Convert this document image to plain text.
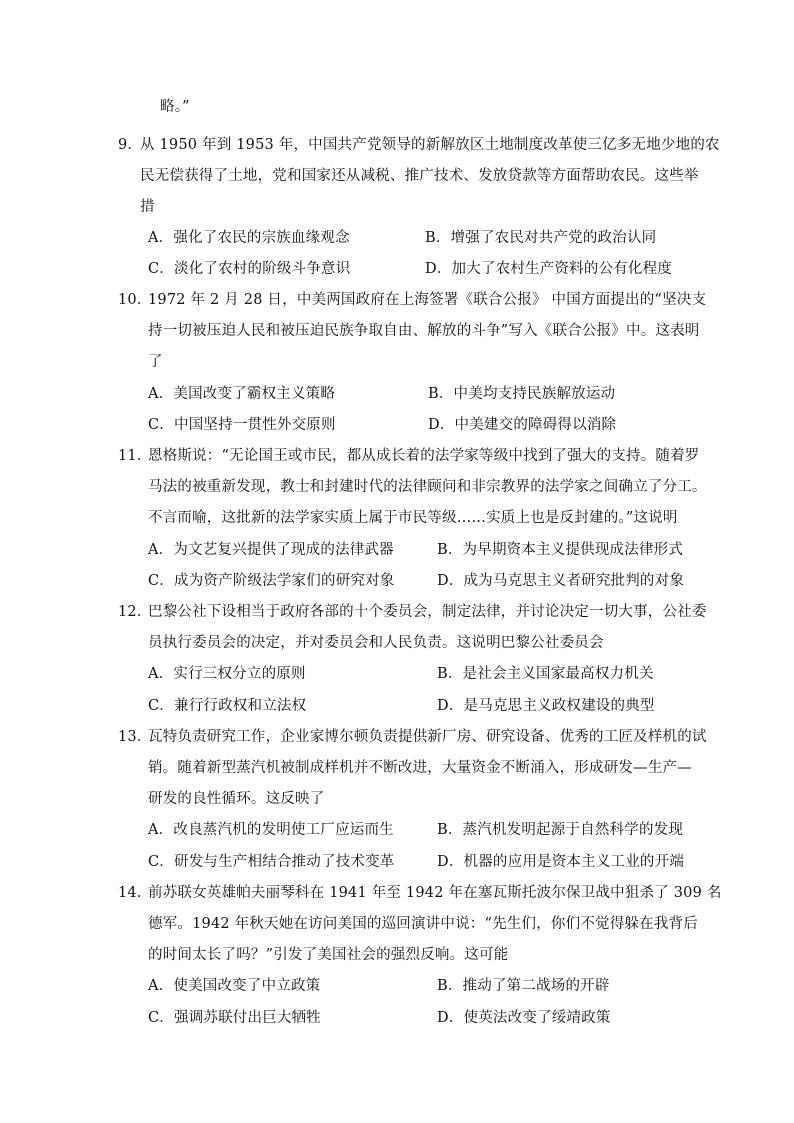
略。”
9．
从 1950 年到 1953 年，中国共产党领导的新解放区土地制度改革使三亿多无地少地的农
民无偿获得了土地，党和国家还从减税、推广技术、发放贷款等方面帮助农民。这些举
措
A．强化了农民的宗族血缘观念	B．增强了农民对共产党的政治认同
C．淡化了农村的阶级斗争意识	D．加大了农村生产资料的公有化程度
10．
1972 年 2 月 28 日，中美两国政府在上海签署《联合公报》 中国方面提出的“坚决支
持一切被压迫人民和被压迫民族争取自由、解放的斗争”写入《联合公报》中。这表明
了
A．美国改变了霸权主义策略	B．中美均支持民族解放运动
C．中国坚持一贯性外交原则	D．中美建交的障碍得以消除
11．
恩格斯说：“无论国王或市民，都从成长着的法学家等级中找到了强大的支持。随着罗
马法的被重新发现，教士和封建时代的法律顾问和非宗教界的法学家之间确立了分工。
不言而喻，这批新的法学家实质上属于市民等级……实质上也是反封建的。”这说明
A．为文艺复兴提供了现成的法律武器	B．为早期资本主义提供现成法律形式
C．成为资产阶级法学家们的研究对象	D．成为马克思主义者研究批判的对象
12．
巴黎公社下设相当于政府各部的十个委员会，制定法律，并讨论决定一切大事，公社委
员执行委员会的决定，并对委员会和人民负责。这说明巴黎公社委员会
A．实行三权分立的原则	B．是社会主义国家最高权力机关
C．兼行行政权和立法权	D．是马克思主义政权建设的典型
13．
瓦特负责研究工作，企业家博尔顿负责提供新厂房、研究设备、优秀的工匠及样机的试
销。随着新型蒸汽机被制成样机并不断改进，大量资金不断涌入，形成研发—生产—
研发的良性循环。这反映了
A．改良蒸汽机的发明使工厂应运而生	B．蒸汽机发明起源于自然科学的发现
C．研发与生产相结合推动了技术变革	D．机器的应用是资本主义工业的开端
14．
前苏联女英雄帕夫丽琴科在 1941 年至 1942 年在塞瓦斯托波尔保卫战中狙杀了 309 名
德军。1942 年秋天她在访问美国的巡回演讲中说：“先生们，你们不觉得躲在我背后
的时间太长了吗？”引发了美国社会的强烈反响。这可能
A．使美国改变了中立政策	B．推动了第二战场的开辟
C．强调苏联付出巨大牺牲	D．使英法改变了绥靖政策
